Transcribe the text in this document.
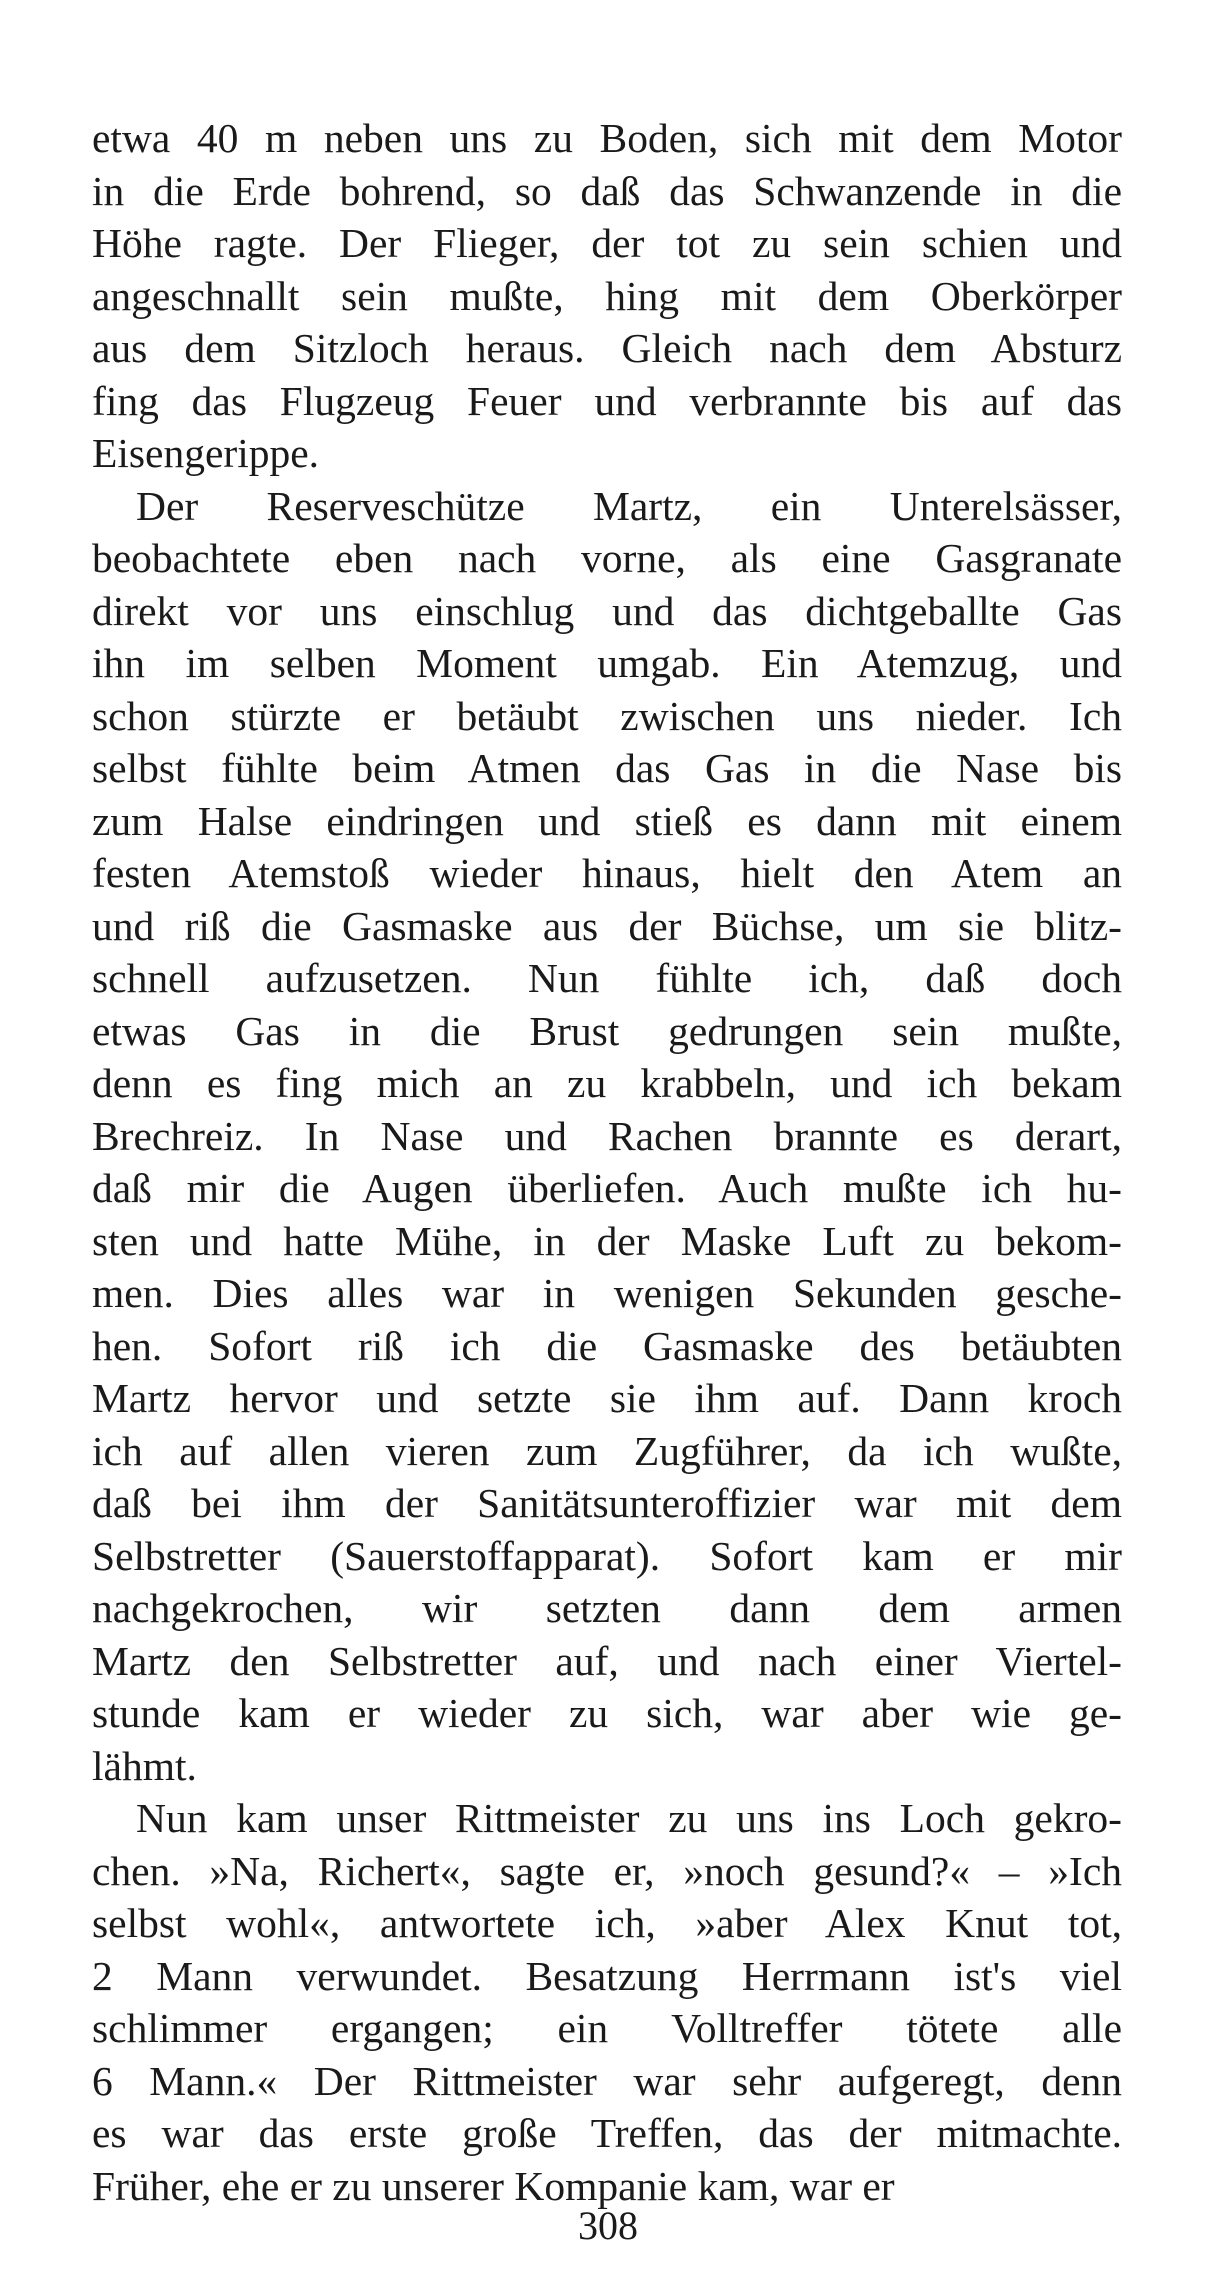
etwa 40 m neben uns zu Boden, sich mit dem Motor
in die Erde bohrend, so daß das Schwanzende in die
Höhe ragte. Der Flieger, der tot zu sein schien und
angeschnallt sein mußte, hing mit dem Oberkörper
aus dem Sitzloch heraus. Gleich nach dem Absturz
fing das Flugzeug Feuer und verbrannte bis auf das
Eisengerippe.

Der Reserveschütze Martz, ein Unterelsässer,
beobachtete eben nach vorne, als eine Gasgranate
direkt vor uns einschlug und das dichtgeballte Gas
ihn im selben Moment umgab. Ein Atemzug, und
schon stürzte er betäubt zwischen uns nieder. Ich
selbst fühlte beim Atmen das Gas in die Nase bis
zum Halse eindringen und stieß es dann mit einem
festen Atemstoß wieder hinaus, hielt den Atem an
und riß die Gasmaske aus der Büchse, um sie blitz-
schnell aufzusetzen. Nun fühlte ich, daß doch
etwas Gas in die Brust gedrungen sein mußte,
denn es fing mich an zu krabbeln, und ich bekam
Brechreiz. In Nase und Rachen brannte es derart,
daß mir die Augen überliefen. Auch mußte ich hu-
sten und hatte Mühe, in der Maske Luft zu bekom-
men. Dies alles war in wenigen Sekunden gesche-
hen. Sofort riß ich die Gasmaske des betäubten
Martz hervor und setzte sie ihm auf. Dann kroch
ich auf allen vieren zum Zugführer, da ich wußte,
daß bei ihm der Sanitätsunteroffizier war mit dem
Selbstretter (Sauerstoffapparat). Sofort kam er mir
nachgekrochen, wir setzten dann dem armen
Martz den Selbstretter auf, und nach einer Viertel-
stunde kam er wieder zu sich, war aber wie ge-
lähmt.

Nun kam unser Rittmeister zu uns ins Loch gekro-
chen. »Na, Richert«, sagte er, »noch gesund?« – »Ich
selbst wohl«, antwortete ich, »aber Alex Knut tot,
2 Mann verwundet. Besatzung Herrmann ist's viel
schlimmer ergangen; ein Volltreffer tötete alle
6 Mann.« Der Rittmeister war sehr aufgeregt, denn
es war das erste große Treffen, das der mitmachte.
Früher, ehe er zu unserer Kompanie kam, war er

308
